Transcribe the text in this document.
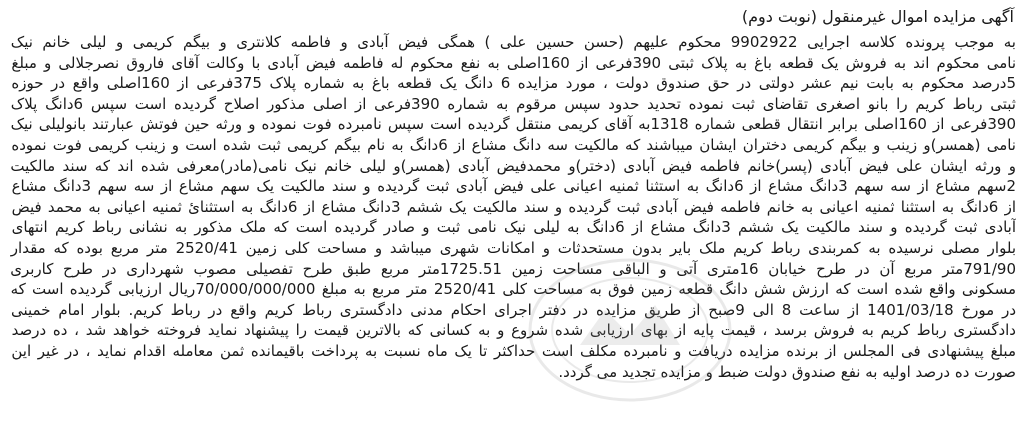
آگهی مزایده اموال غیرمنقول (نوبت دوم)
به موجب پرونده کلاسه اجرایی 9902922 محکوم علیهم (حسن حسین علی ) همگی فیض آبادی و فاطمه کلانتری و بیگم کریمی و لیلی خانم نیک
نامی محکوم اند به فروش یک قطعه باغ به پلاک ثبتی 390فرعی از 160اصلی به نفع محکوم له فاطمه فیض آبادی با وکالت آقای فاروق نصرجلالی و مبلغ
5درصد محکوم به بابت نیم عشر دولتی در حق صندوق دولت ، مورد مزایده 6 دانگ یک قطعه باغ به شماره پلاک 375فرعی از 160اصلی واقع در حوزه
ثبتی رباط کریم را بانو اصغری تقاضای ثبت نموده تحدید حدود سپس مرقوم به شماره 390فرعی از اصلی مذکور اصلاح گردیده است سپس 6دانگ پلاک
390فرعی از 160اصلی برابر انتقال قطعی شماره 1318به آقای کریمی منتقل گردیده است سپس نامبرده فوت نموده و ورثه حین فوتش عبارتند بانولیلی نیک
نامی (همسر)و زینب و بیگم کریمی دختران ایشان میباشند که مالکیت سه دانگ مشاع از 6دانگ به نام بیگم کریمی ثبت شده است و زینب کریمی فوت نموده
و ورثه ایشان علی فیض آبادی (پسر)خانم فاطمه فیض آبادی (دختر)و محمدفیض آبادی (همسر)و لیلی خانم نیک نامی(مادر)معرفی شده اند که سند مالکیت
2سهم مشاع از سه سهم 3دانگ مشاع از 6دانگ به استثنا ثمنیه اعیانی علی فیض آبادی ثبت گردیده و سند مالکیت یک سهم مشاع از سه سهم 3دانگ مشاع
از 6دانگ به استثنا ثمنیه اعیانی به خانم فاطمه فیض آبادی ثبت گردیده و سند مالکیت یک ششم 3دانگ مشاع از 6دانگ به استثنائ ثمنیه اعیانی به محمد فیض
آبادی ثبت گردیده و سند مالکیت یک ششم 3دانگ مشاع از 6دانگ به لیلی نیک نامی ثبت و صادر گردیده است که ملک مذکور به نشانی رباط کریم انتهای
بلوار مصلی نرسیده به کمربندی رباط کریم ملک بایر بدون مستحدثات و امکانات شهری میباشد و مساحت کلی زمین 2520/41 متر مربع بوده که مقدار
791/90متر مربع آن در طرح خیابان 16متری آتی و الباقی مساحت زمین 1725.51متر مربع طبق طرح تفصیلی مصوب شهرداری در طرح کاربری
مسکونی واقع شده است که ارزش شش دانگ قطعه زمین فوق به مساحت کلی 2520/41 متر مربع به مبلغ 70/000/000/000ریال ارزیابی گردیده است که
در مورخ 1401/03/18 از ساعت 8 الی 9صبح از طریق مزایده در دفتر اجرای احکام مدنی دادگستری رباط کریم واقع در رباط کریم. بلوار امام خمینی
دادگستری رباط کریم به فروش برسد ، قیمت پایه از بهای ارزیابی شده شروع و به کسانی که بالاترین قیمت را پیشنهاد نماید فروخته خواهد شد ، ده درصد
مبلغ پیشنهادی فی المجلس از برنده مزایده دریافت و نامبرده مکلف است حداکثر تا یک ماه نسبت به پرداخت باقیمانده ثمن معامله اقدام نماید ، در غیر این
صورت ده درصد اولیه به نفع صندوق دولت ضبط و مزایده تجدید می گردد.
